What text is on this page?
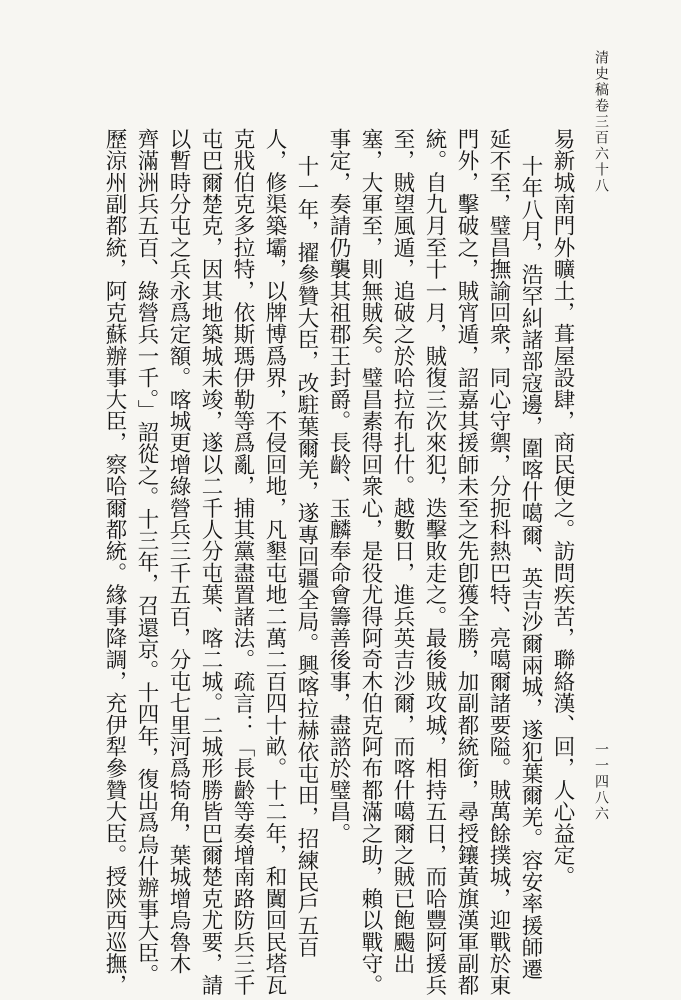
清史稿卷三百六十八
一一四八六
易新城南門外曠土，葺屋設肆，商民便之。訪問疾苦，聯絡漢、回，人心益定。
十年八月，浩罕糾諸部寇邊，圍喀什噶爾、英吉沙爾兩城，遂犯葉爾羌。容安率援師遷
延不至，璧昌撫諭回衆，同心守禦，分扼科熱巴特、亮噶爾諸要隘。賊萬餘撲城，迎戰於東
門外，擊破之，賊宵遁，詔嘉其援師未至之先卽獲全勝，加副都統銜，尋授鑲黃旗漢軍副都
統。自九月至十一月，賊復三次來犯，迭擊敗走之。最後賊攻城，相持五日，而哈豐阿援兵
至，賊望風遁，追破之於哈拉布扎什。越數日，進兵英吉沙爾，而喀什噶爾之賊已飽颺出
塞，大軍至，則無賊矣。璧昌素得回衆心，是役尤得阿奇木伯克阿布都滿之助，賴以戰守。
事定，奏請仍襲其祖郡王封爵。長齡、玉麟奉命會籌善後事，盡諮於璧昌。
十一年，擢參贊大臣，改駐葉爾羌，遂專回疆全局。興喀拉赫依屯田，招練民戶五百
人，修渠築壩，以牌博爲界，不侵回地，凡墾屯地二萬二百四十畝。十二年，和闐回民塔瓦
克戕伯克多拉特，依斯瑪伊勒等爲亂，捕其黨盡置諸法。疏言：「長齡等奏增南路防兵三千
屯巴爾楚克，因其地築城未竣，遂以二千人分屯葉、喀二城。二城形勝皆巴爾楚克尤要，請
以暫時分屯之兵永爲定額。喀城更增綠營兵三千五百，分屯七里河爲犄角，葉城增烏魯木
齊滿洲兵五百、綠營兵一千。」詔從之。十三年，召還京。十四年，復出爲烏什辦事大臣。
歷涼州副都統，阿克蘇辦事大臣，察哈爾都統。緣事降調，充伊犁參贊大臣。授陝西巡撫，
